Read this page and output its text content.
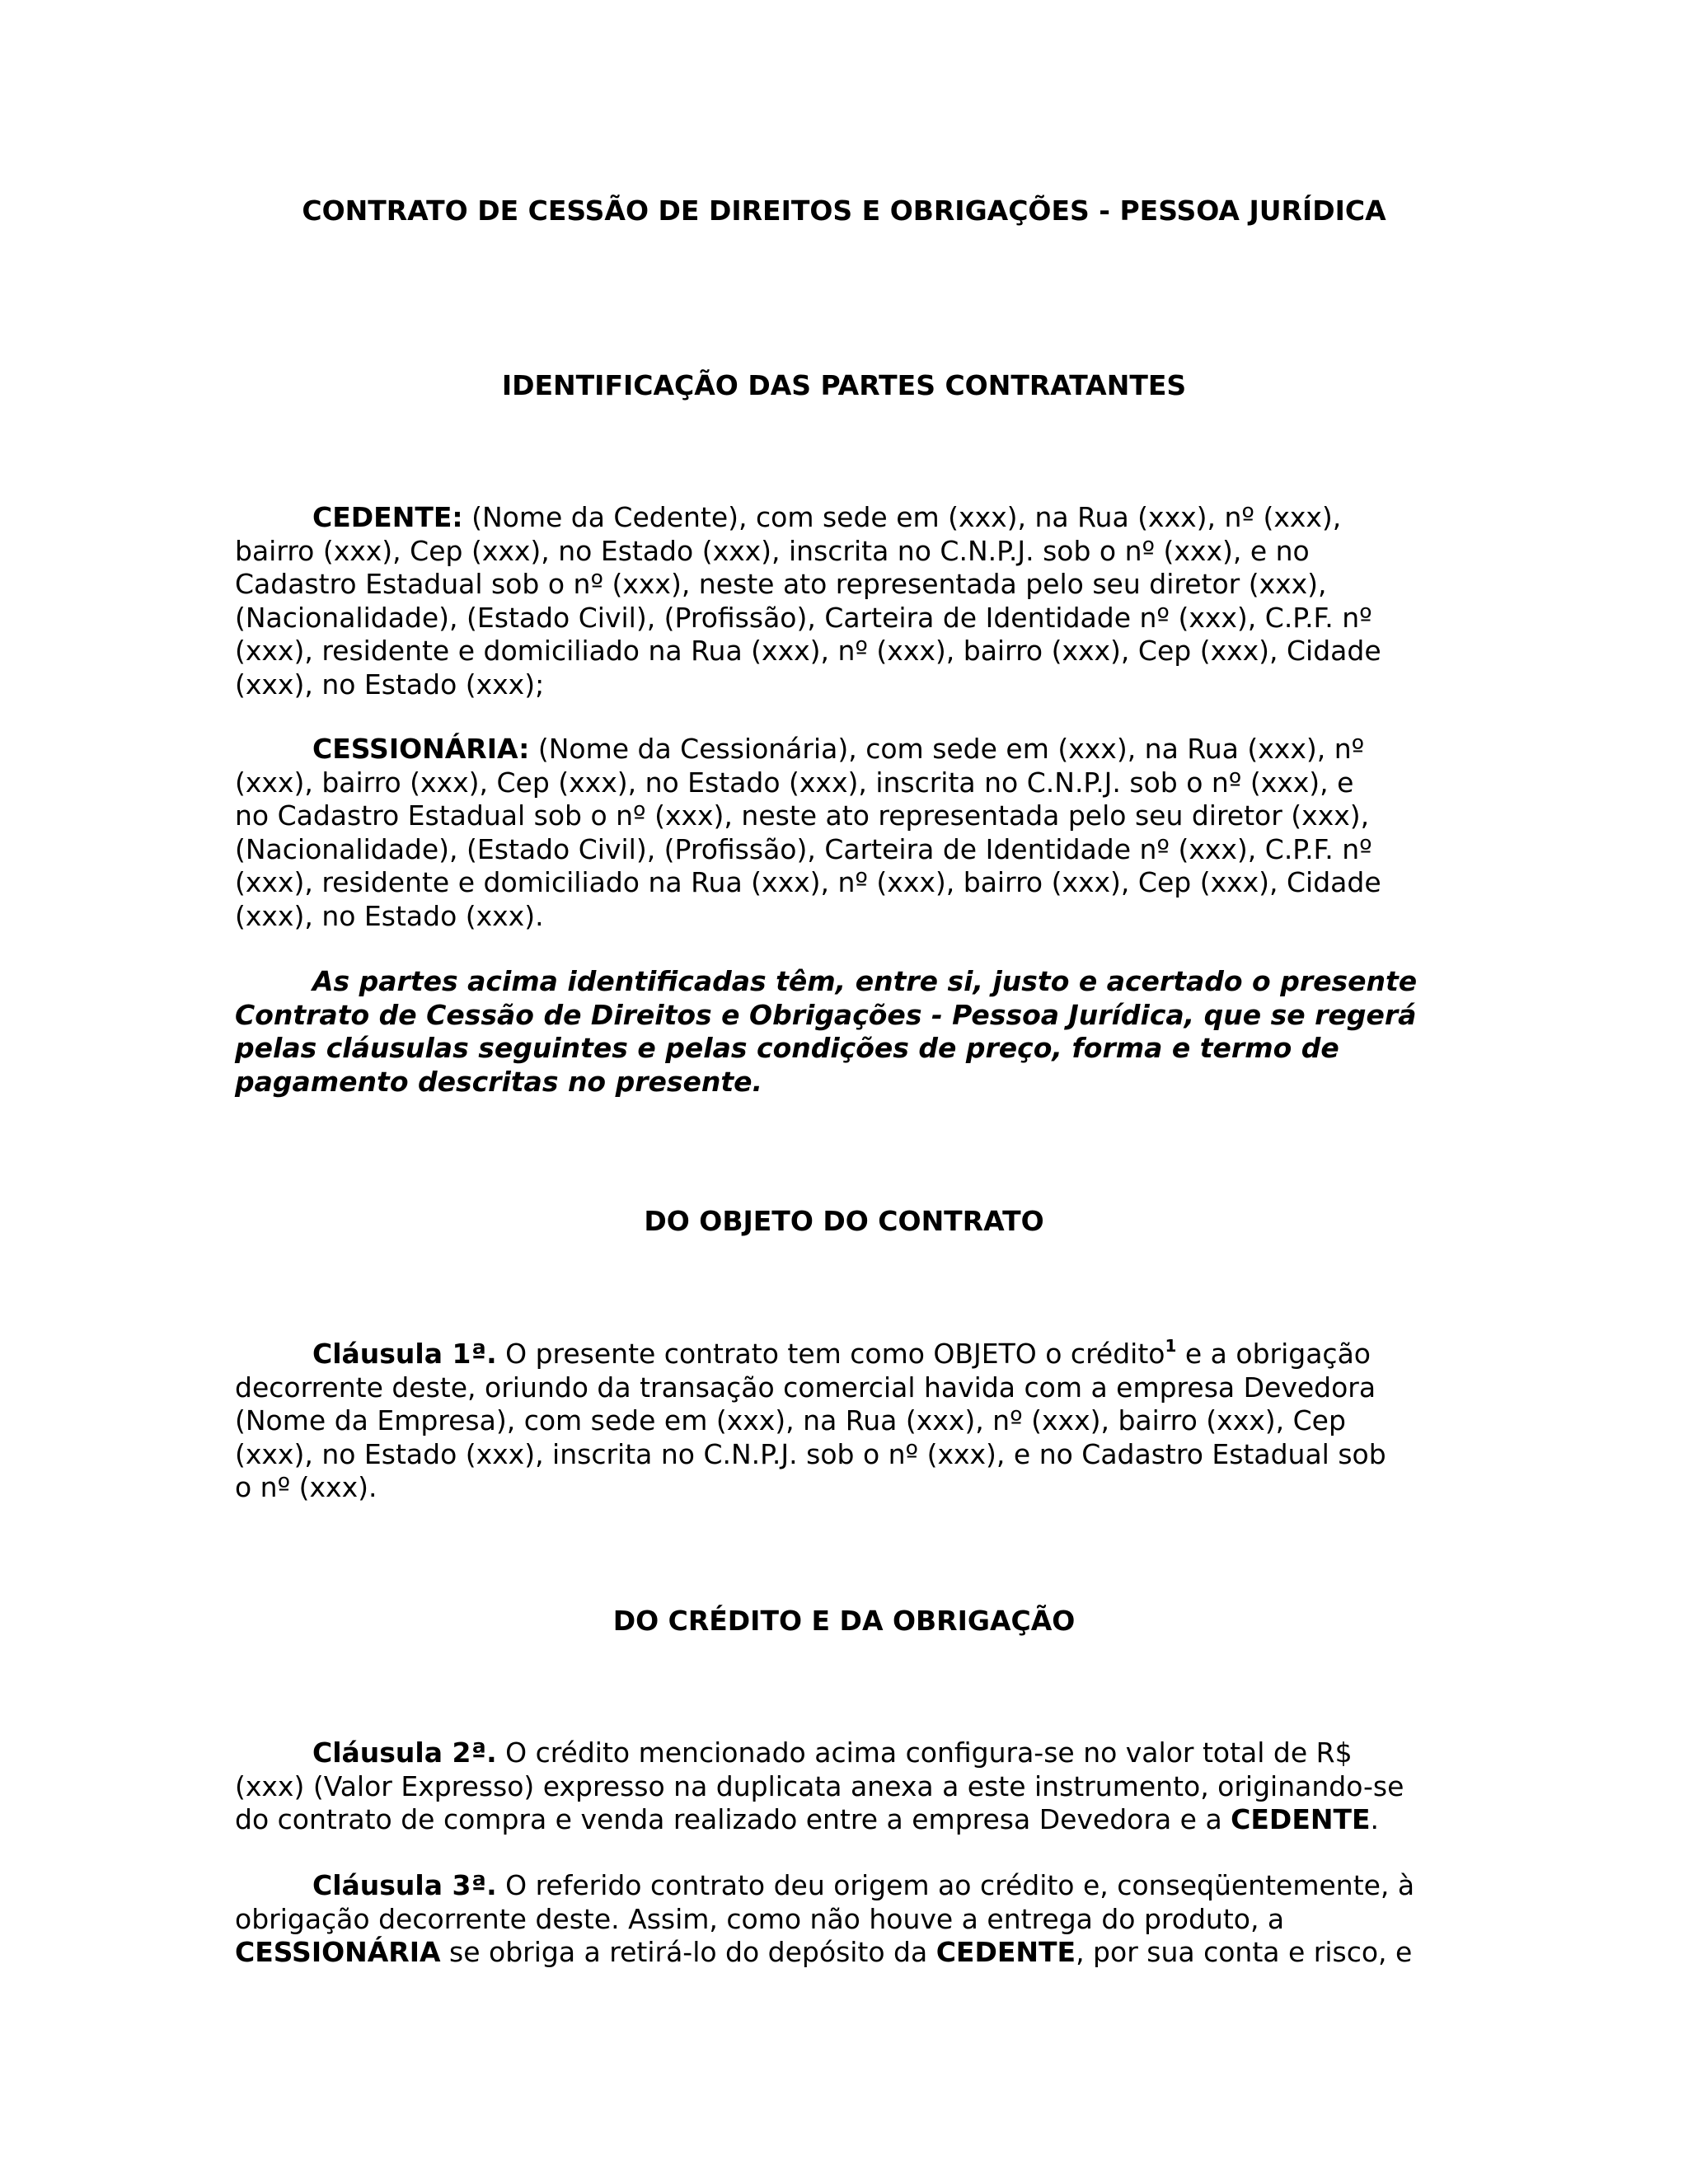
CONTRATO DE CESSÃO DE DIREITOS E OBRIGAÇÕES - PESSOA JURÍDICA
IDENTIFICAÇÃO DAS PARTES CONTRATANTES
CEDENTE: (Nome da Cedente), com sede em (xxx), na Rua (xxx), nº (xxx),
bairro (xxx), Cep (xxx), no Estado (xxx), inscrita no C.N.P.J. sob o nº (xxx), e no
Cadastro Estadual sob o nº (xxx), neste ato representada pelo seu diretor (xxx),
(Nacionalidade), (Estado Civil), (Profissão), Carteira de Identidade nº (xxx), C.P.F. nº
(xxx), residente e domiciliado na Rua (xxx), nº (xxx), bairro (xxx), Cep (xxx), Cidade
(xxx), no Estado (xxx);
CESSIONÁRIA: (Nome da Cessionária), com sede em (xxx), na Rua (xxx), nº
(xxx), bairro (xxx), Cep (xxx), no Estado (xxx), inscrita no C.N.P.J. sob o nº (xxx), e
no Cadastro Estadual sob o nº (xxx), neste ato representada pelo seu diretor (xxx),
(Nacionalidade), (Estado Civil), (Profissão), Carteira de Identidade nº (xxx), C.P.F. nº
(xxx), residente e domiciliado na Rua (xxx), nº (xxx), bairro (xxx), Cep (xxx), Cidade
(xxx), no Estado (xxx).
As partes acima identificadas têm, entre si, justo e acertado o presente
Contrato de Cessão de Direitos e Obrigações - Pessoa Jurídica, que se regerá
pelas cláusulas seguintes e pelas condições de preço, forma e termo de
pagamento descritas no presente.
DO OBJETO DO CONTRATO
Cláusula 1ª. O presente contrato tem como OBJETO o crédito$^1$ e a obrigação
decorrente deste, oriundo da transação comercial havida com a empresa Devedora
(Nome da Empresa), com sede em (xxx), na Rua (xxx), nº (xxx), bairro (xxx), Cep
(xxx), no Estado (xxx), inscrita no C.N.P.J. sob o nº (xxx), e no Cadastro Estadual sob
o nº (xxx).
DO CRÉDITO E DA OBRIGAÇÃO
Cláusula 2ª. O crédito mencionado acima configura-se no valor total de R$
(xxx) (Valor Expresso) expresso na duplicata anexa a este instrumento, originando-se
do contrato de compra e venda realizado entre a empresa Devedora e a CEDENTE.
Cláusula 3ª. O referido contrato deu origem ao crédito e, conseqüentemente, à
obrigação decorrente deste. Assim, como não houve a entrega do produto, a
CESSIONÁRIA se obriga a retirá-lo do depósito da CEDENTE, por sua conta e risco, e
